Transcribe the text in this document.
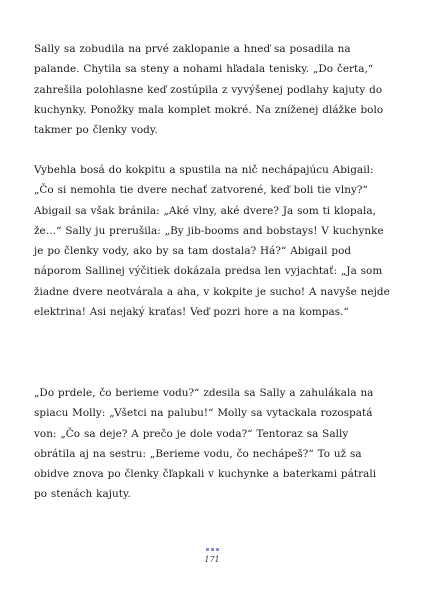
Sally sa zobudila na prvé zaklopanie a hneď sa posadila na palande. Chytila sa steny a nohami hľadala tenisky. „Do čerta,“ zahrešila polohlasne keď zostúpila z vyvýšenej podlahy kajuty do kuchynky. Ponožky mala komplet mokré. Na zníženej dlážke bolo takmer po členky vody.

Vybehla bosá do kokpitu a spustila na nič nechápajúcu Abigail: „Čo si nemohla tie dvere nechať zatvorené, keď boli tie vlny?“ Abigail sa však bránila: „Aké vlny, aké dvere? Ja som ti klopala, že…“ Sally ju prerušila: „By jib-booms and bobstays! V kuchynke je po členky vody, ako by sa tam dostala? Há?“ Abigail pod náporom Sallinej výčitiek dokázala predsa len vyjachtať: „Ja som žiadne dvere neotvárala a aha, v kokpite je sucho! A navyše nejde elektrina! Asi nejaký kraťas! Veď pozri hore a na kompas.“

„Do prdele, čo berieme vodu?“ zdesila sa Sally a zahulákala na spiacu Molly: „Všetci na palubu!“ Molly sa vytackala rozospatá von: „Čo sa deje? A prečo je dole voda?“ Tentoraz sa Sally obrátila aj na sestru: „Berieme vodu, čo nechápeš?“ To už sa obidve znova po členky čľapkali v kuchynke a baterkami pátrali po stenách kajuty.

171
